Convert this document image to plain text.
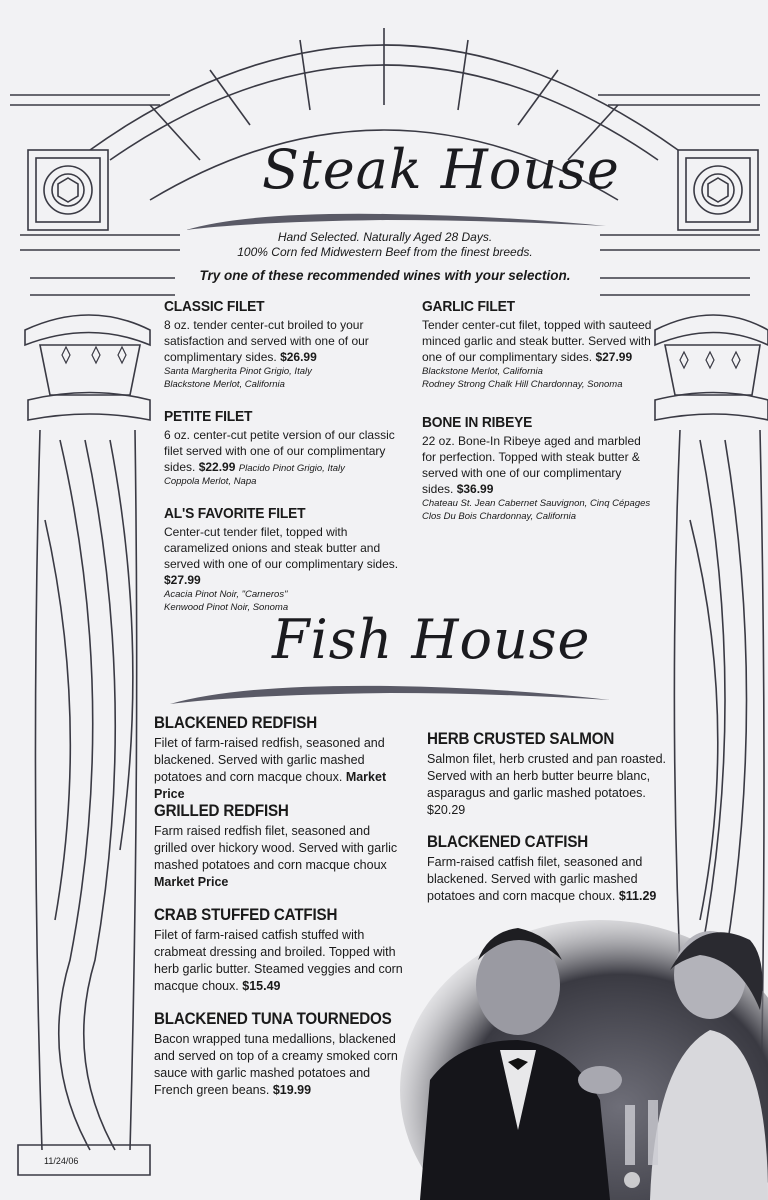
Steak House
Hand Selected. Naturally Aged 28 Days.
100% Corn fed Midwestern Beef from the finest breeds.
Try one of these recommended wines with your selection.
CLASSIC FILET
8 oz. tender center-cut broiled to your satisfaction and served with one of our complimentary sides. $26.99
Santa Margherita Pinot Grigio, Italy
Blackstone Merlot, California
PETITE FILET
6 oz. center-cut petite version of our classic filet served with one of our complimentary sides. $22.99 Placido Pinot Grigio, Italy
Coppola Merlot, Napa
AL'S FAVORITE FILET
Center-cut tender filet, topped with caramelized onions and steak butter and served with one of our complimentary sides. $27.99
Acacia Pinot Noir, "Carneros"
Kenwood Pinot Noir, Sonoma
GARLIC FILET
Tender center-cut filet, topped with sauteed minced garlic and steak butter. Served with one of our complimentary sides. $27.99
Blackstone Merlot, California
Rodney Strong Chalk Hill Chardonnay, Sonoma
BONE IN RIBEYE
22 oz. Bone-In Ribeye aged and marbled for perfection. Topped with steak butter & served with one of our complimentary sides. $36.99
Chateau St. Jean Cabernet Sauvignon, Cinq Cépages
Clos Du Bois Chardonnay, California
Fish House
BLACKENED REDFISH
Filet of farm-raised redfish, seasoned and blackened. Served with garlic mashed potatoes and corn macque choux. Market Price
GRILLED REDFISH
Farm raised redfish filet, seasoned and grilled over hickory wood. Served with garlic mashed potatoes and corn macque choux
Market Price
CRAB STUFFED CATFISH
Filet of farm-raised catfish stuffed with crabmeat dressing and broiled. Topped with herb garlic butter. Steamed veggies and corn macque choux. $15.49
BLACKENED TUNA TOURNEDOS
Bacon wrapped tuna medallions, blackened and served on top of a creamy smoked corn sauce with garlic mashed potatoes and French green beans. $19.99
HERB CRUSTED SALMON
Salmon filet, herb crusted and pan roasted. Served with an herb butter beurre blanc, asparagus and garlic mashed potatoes.
$20.29
BLACKENED CATFISH
Farm-raised catfish filet, seasoned and blackened. Served with garlic mashed potatoes and corn macque choux. $11.29
11/24/06
